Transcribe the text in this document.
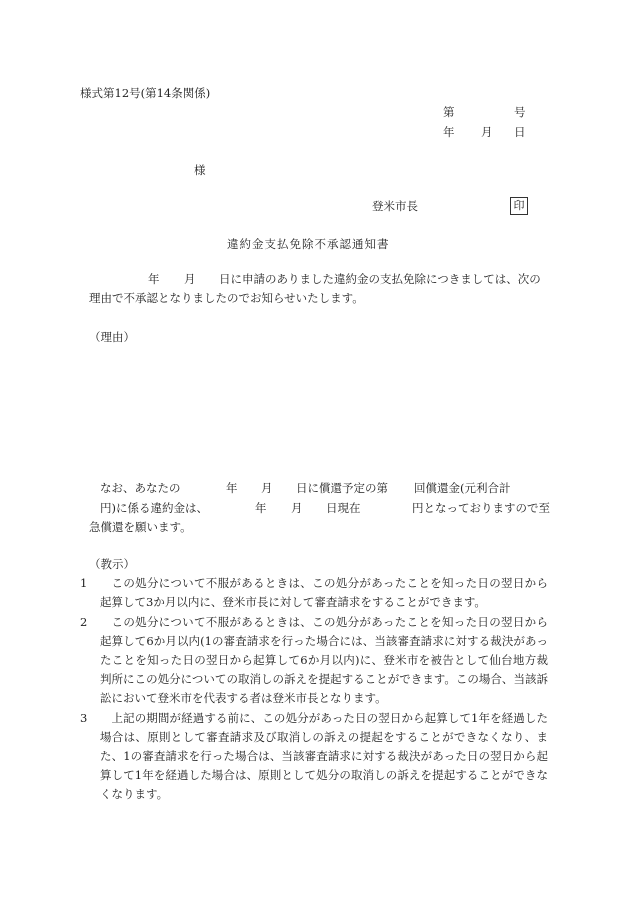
様式第12号(第14条関係)
第	号
年 月 日
様
登米市長	印
違約金支払免除不承認通知書
年 月 日に申請のありました違約金の支払免除につきましては、次の
理由で不承認となりましたのでお知らせいたします。
（理由）
なお、あなたの	年 月 日に償還予定の第 回償還金(元利合計
円)に係る違約金は、	年 月 日現在	円となっておりますので至
急償還を願います。
（教示）
1	この処分について不服があるときは、この処分があったことを知った日の翌日から起算して3か月以内に、登米市長に対して審査請求をすることができます。
2	この処分について不服があるときは、この処分があったことを知った日の翌日から起算して6か月以内(1の審査請求を行った場合には、当該審査請求に対する裁決があったことを知った日の翌日から起算して6か月以内)に、登米市を被告として仙台地方裁判所にこの処分についての取消しの訴えを提起することができます。この場合、当該訴訟において登米市を代表する者は登米市長となります。
3	上記の期間が経過する前に、この処分があった日の翌日から起算して1年を経過した場合は、原則として審査請求及び取消しの訴えの提起をすることができなくなり、また、1の審査請求を行った場合は、当該審査請求に対する裁決があった日の翌日から起算して1年を経過した場合は、原則として処分の取消しの訴えを提起することができなくなります。
